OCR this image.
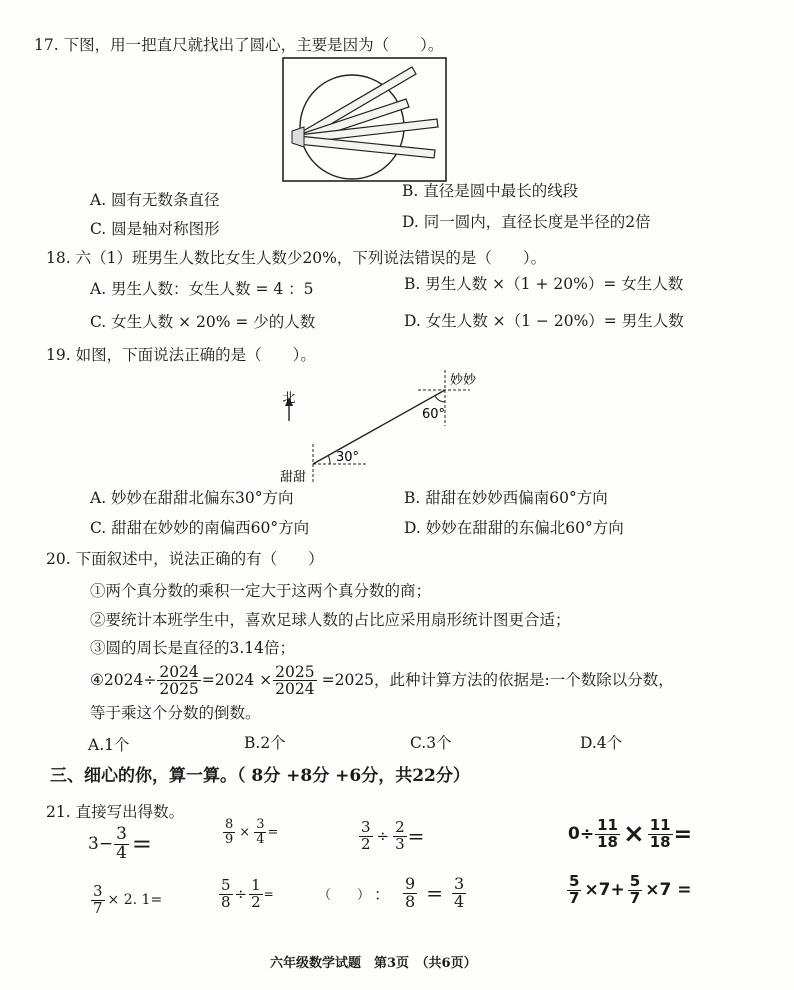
17. 下图，用一把直尺就找出了圆心，主要是因为（　　）。
A. 圆有无数条直径	B. 直径是圆中最长的线段
C. 圆是轴对称图形	D. 同一圆内，直径长度是半径的2倍
18. 六（1）班男生人数比女生人数少20%，下列说法错误的是（　　）。
A. 男生人数：女生人数 = 4 ：5	B. 男生人数 ×（1 + 20%）= 女生人数
C. 女生人数 × 20% = 少的人数	D. 女生人数 ×（1 − 20%）= 男生人数
19. 如图，下面说法正确的是（　　）。
北
30°
甜甜
60°
妙妙
A. 妙妙在甜甜北偏东30°方向	B. 甜甜在妙妙西偏南60°方向
C. 甜甜在妙妙的南偏西60°方向	D. 妙妙在甜甜的东偏北60°方向
20. 下面叙述中，说法正确的有（　　）
①两个真分数的乘积一定大于这两个真分数的商；
②要统计本班学生中，喜欢足球人数的占比应采用扇形统计图更合适；
③圆的周长是直径的3.14倍；
④2024÷ $\frac{2024}{2025} =2024 \times \frac{2025}{2024} =2025$，此种计算方法的依据是:一个数除以分数，
等于乘这个分数的倒数。
A.1个	B.2个	C.3个	D.4个
三、细心的你，算一算。（ 8分 +8分 +6分，共22分）
21. 直接写出得数。
$3- \frac{3}{4}$ =	$\frac{8}{9} \times \frac{3}{4}$ =	$\frac{3}{2} \div \frac{2}{3}$ =	$0\div \frac{11}{18} \times \frac{11}{18}$ =
$\frac{3}{7} \times 2$. 1=	$\frac{5}{8} \div \frac{1}{2}$ =	（　　） ： $\frac{9}{8} = \frac{3}{4}$	$\frac{5}{7} \times 7+ \frac{5}{7} \times 7$ =
六年级数学试题　第3页　（共6页）
